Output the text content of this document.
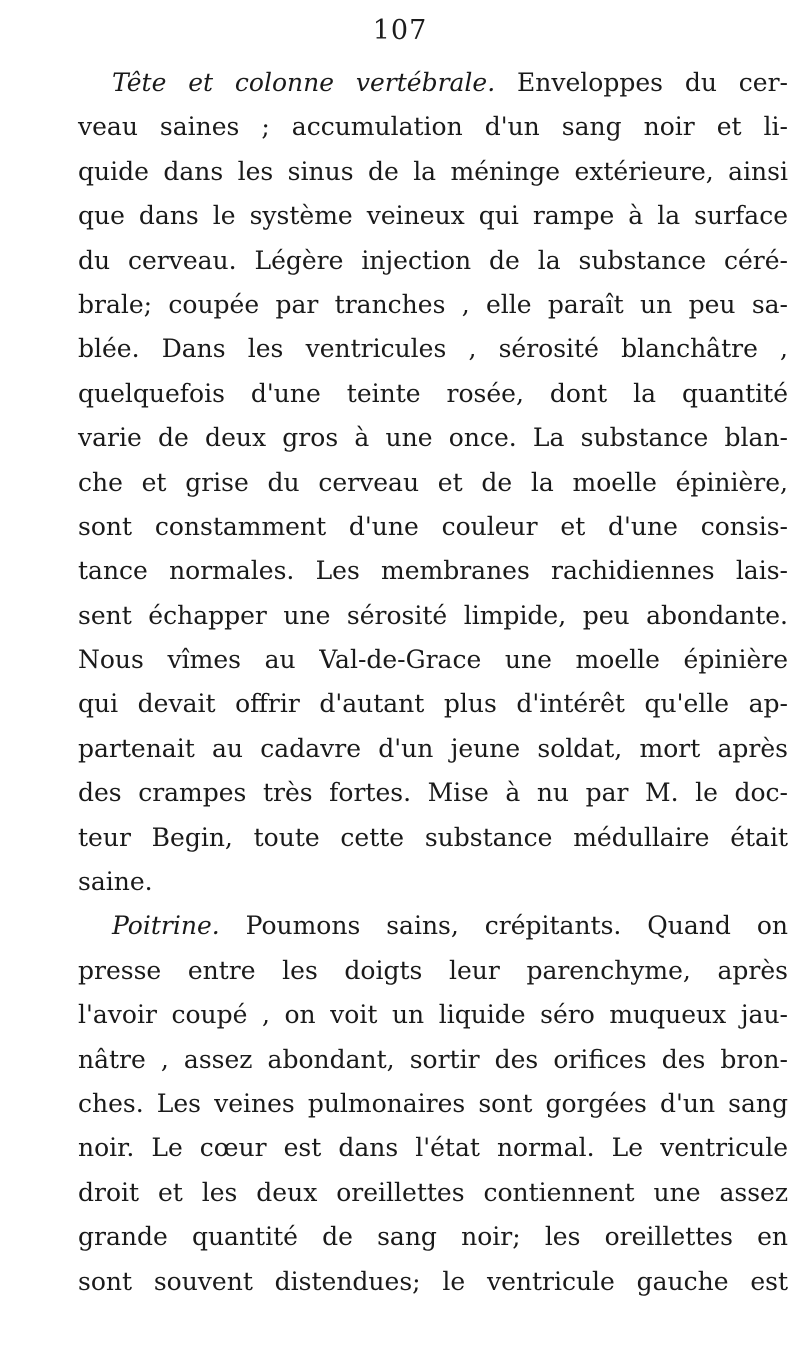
107
Tête et colonne vertébrale. Enveloppes du cer-
veau saines ; accumulation d'un sang noir et li-
quide dans les sinus de la méninge extérieure, ainsi
que dans le système veineux qui rampe à la surface
du cerveau. Légère injection de la substance céré-
brale; coupée par tranches , elle paraît un peu sa-
blée. Dans les ventricules , sérosité blanchâtre ,
quelquefois d'une teinte rosée, dont la quantité
varie de deux gros à une once. La substance blan-
che et grise du cerveau et de la moelle épinière,
sont constamment d'une couleur et d'une consis-
tance normales. Les membranes rachidiennes lais-
sent échapper une sérosité limpide, peu abondante.
Nous vîmes au Val-de-Grace une moelle épinière
qui devait offrir d'autant plus d'intérêt qu'elle ap-
partenait au cadavre d'un jeune soldat, mort après
des crampes très fortes. Mise à nu par M. le doc-
teur Begin, toute cette substance médullaire était
saine.
Poitrine. Poumons sains, crépitants. Quand on
presse entre les doigts leur parenchyme, après
l'avoir coupé , on voit un liquide séro muqueux jau-
nâtre , assez abondant, sortir des orifices des bron-
ches. Les veines pulmonaires sont gorgées d'un sang
noir. Le cœur est dans l'état normal. Le ventricule
droit et les deux oreillettes contiennent une assez
grande quantité de sang noir; les oreillettes en
sont souvent distendues; le ventricule gauche est
